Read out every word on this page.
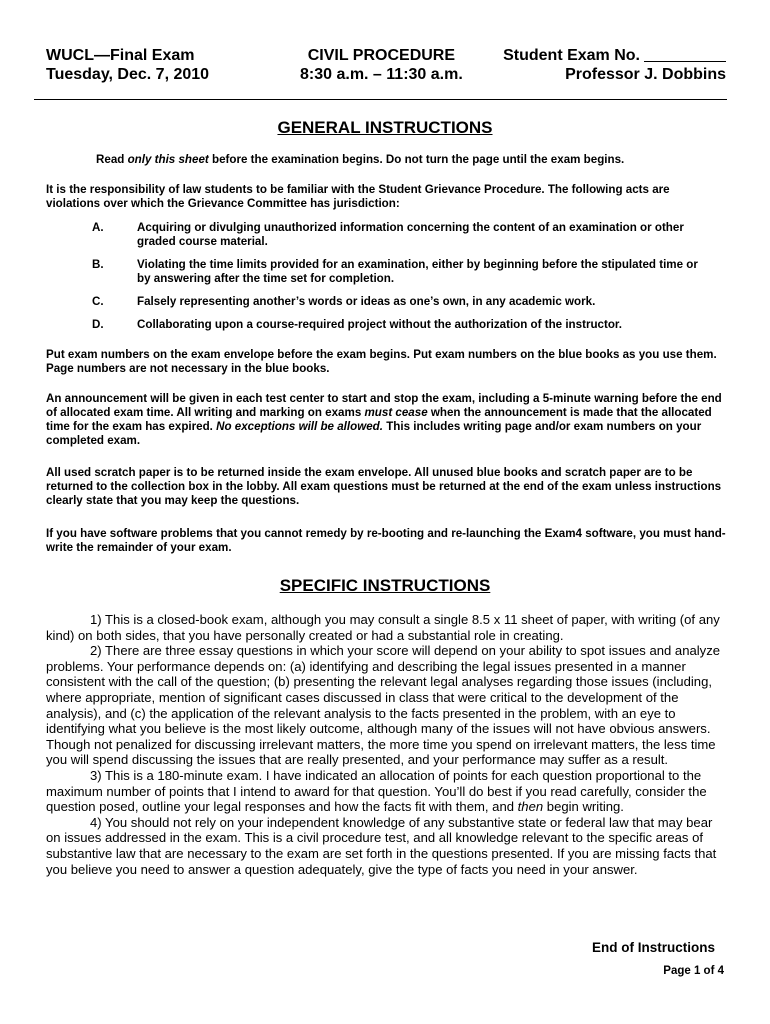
WUCL—Final Exam
Tuesday, Dec. 7, 2010
CIVIL PROCEDURE
8:30 a.m. – 11:30 a.m.
Student Exam No.
Professor J. Dobbins
GENERAL INSTRUCTIONS
Read only this sheet before the examination begins. Do not turn the page until the exam begins.
It is the responsibility of law students to be familiar with the Student Grievance Procedure. The following acts are violations over which the Grievance Committee has jurisdiction:
A.	Acquiring or divulging unauthorized information concerning the content of an examination or other graded course material.
B.	Violating the time limits provided for an examination, either by beginning before the stipulated time or by answering after the time set for completion.
C.	Falsely representing another’s words or ideas as one’s own, in any academic work.
D.	Collaborating upon a course-required project without the authorization of the instructor.
Put exam numbers on the exam envelope before the exam begins. Put exam numbers on the blue books as you use them. Page numbers are not necessary in the blue books.
An announcement will be given in each test center to start and stop the exam, including a 5-minute warning before the end of allocated exam time. All writing and marking on exams must cease when the announcement is made that the allocated time for the exam has expired. No exceptions will be allowed. This includes writing page and/or exam numbers on your completed exam.
All used scratch paper is to be returned inside the exam envelope. All unused blue books and scratch paper are to be returned to the collection box in the lobby. All exam questions must be returned at the end of the exam unless instructions clearly state that you may keep the questions.
If you have software problems that you cannot remedy by re-booting and re-launching the Exam4 software, you must hand-write the remainder of your exam.
SPECIFIC INSTRUCTIONS

1) This is a closed-book exam, although you may consult a single 8.5 x 11 sheet of paper, with writing (of any kind) on both sides, that you have personally created or had a substantial role in creating.

2) There are three essay questions in which your score will depend on your ability to spot issues and analyze problems. Your performance depends on: (a) identifying and describing the legal issues presented in a manner consistent with the call of the question; (b) presenting the relevant legal analyses regarding those issues (including, where appropriate, mention of significant cases discussed in class that were critical to the development of the analysis), and (c) the application of the relevant analysis to the facts presented in the problem, with an eye to identifying what you believe is the most likely outcome, although many of the issues will not have obvious answers. Though not penalized for discussing irrelevant matters, the more time you spend on irrelevant matters, the less time you will spend discussing the issues that are really presented, and your performance may suffer as a result.

3) This is a 180-minute exam. I have indicated an allocation of points for each question proportional to the maximum number of points that I intend to award for that question. You’ll do best if you read carefully, consider the question posed, outline your legal responses and how the facts fit with them, and then begin writing.

4) You should not rely on your independent knowledge of any substantive state or federal law that may bear on issues addressed in the exam. This is a civil procedure test, and all knowledge relevant to the specific areas of substantive law that are necessary to the exam are set forth in the questions presented. If you are missing facts that you believe you need to answer a question adequately, give the type of facts you need in your answer.

End of Instructions
Page 1 of 4
